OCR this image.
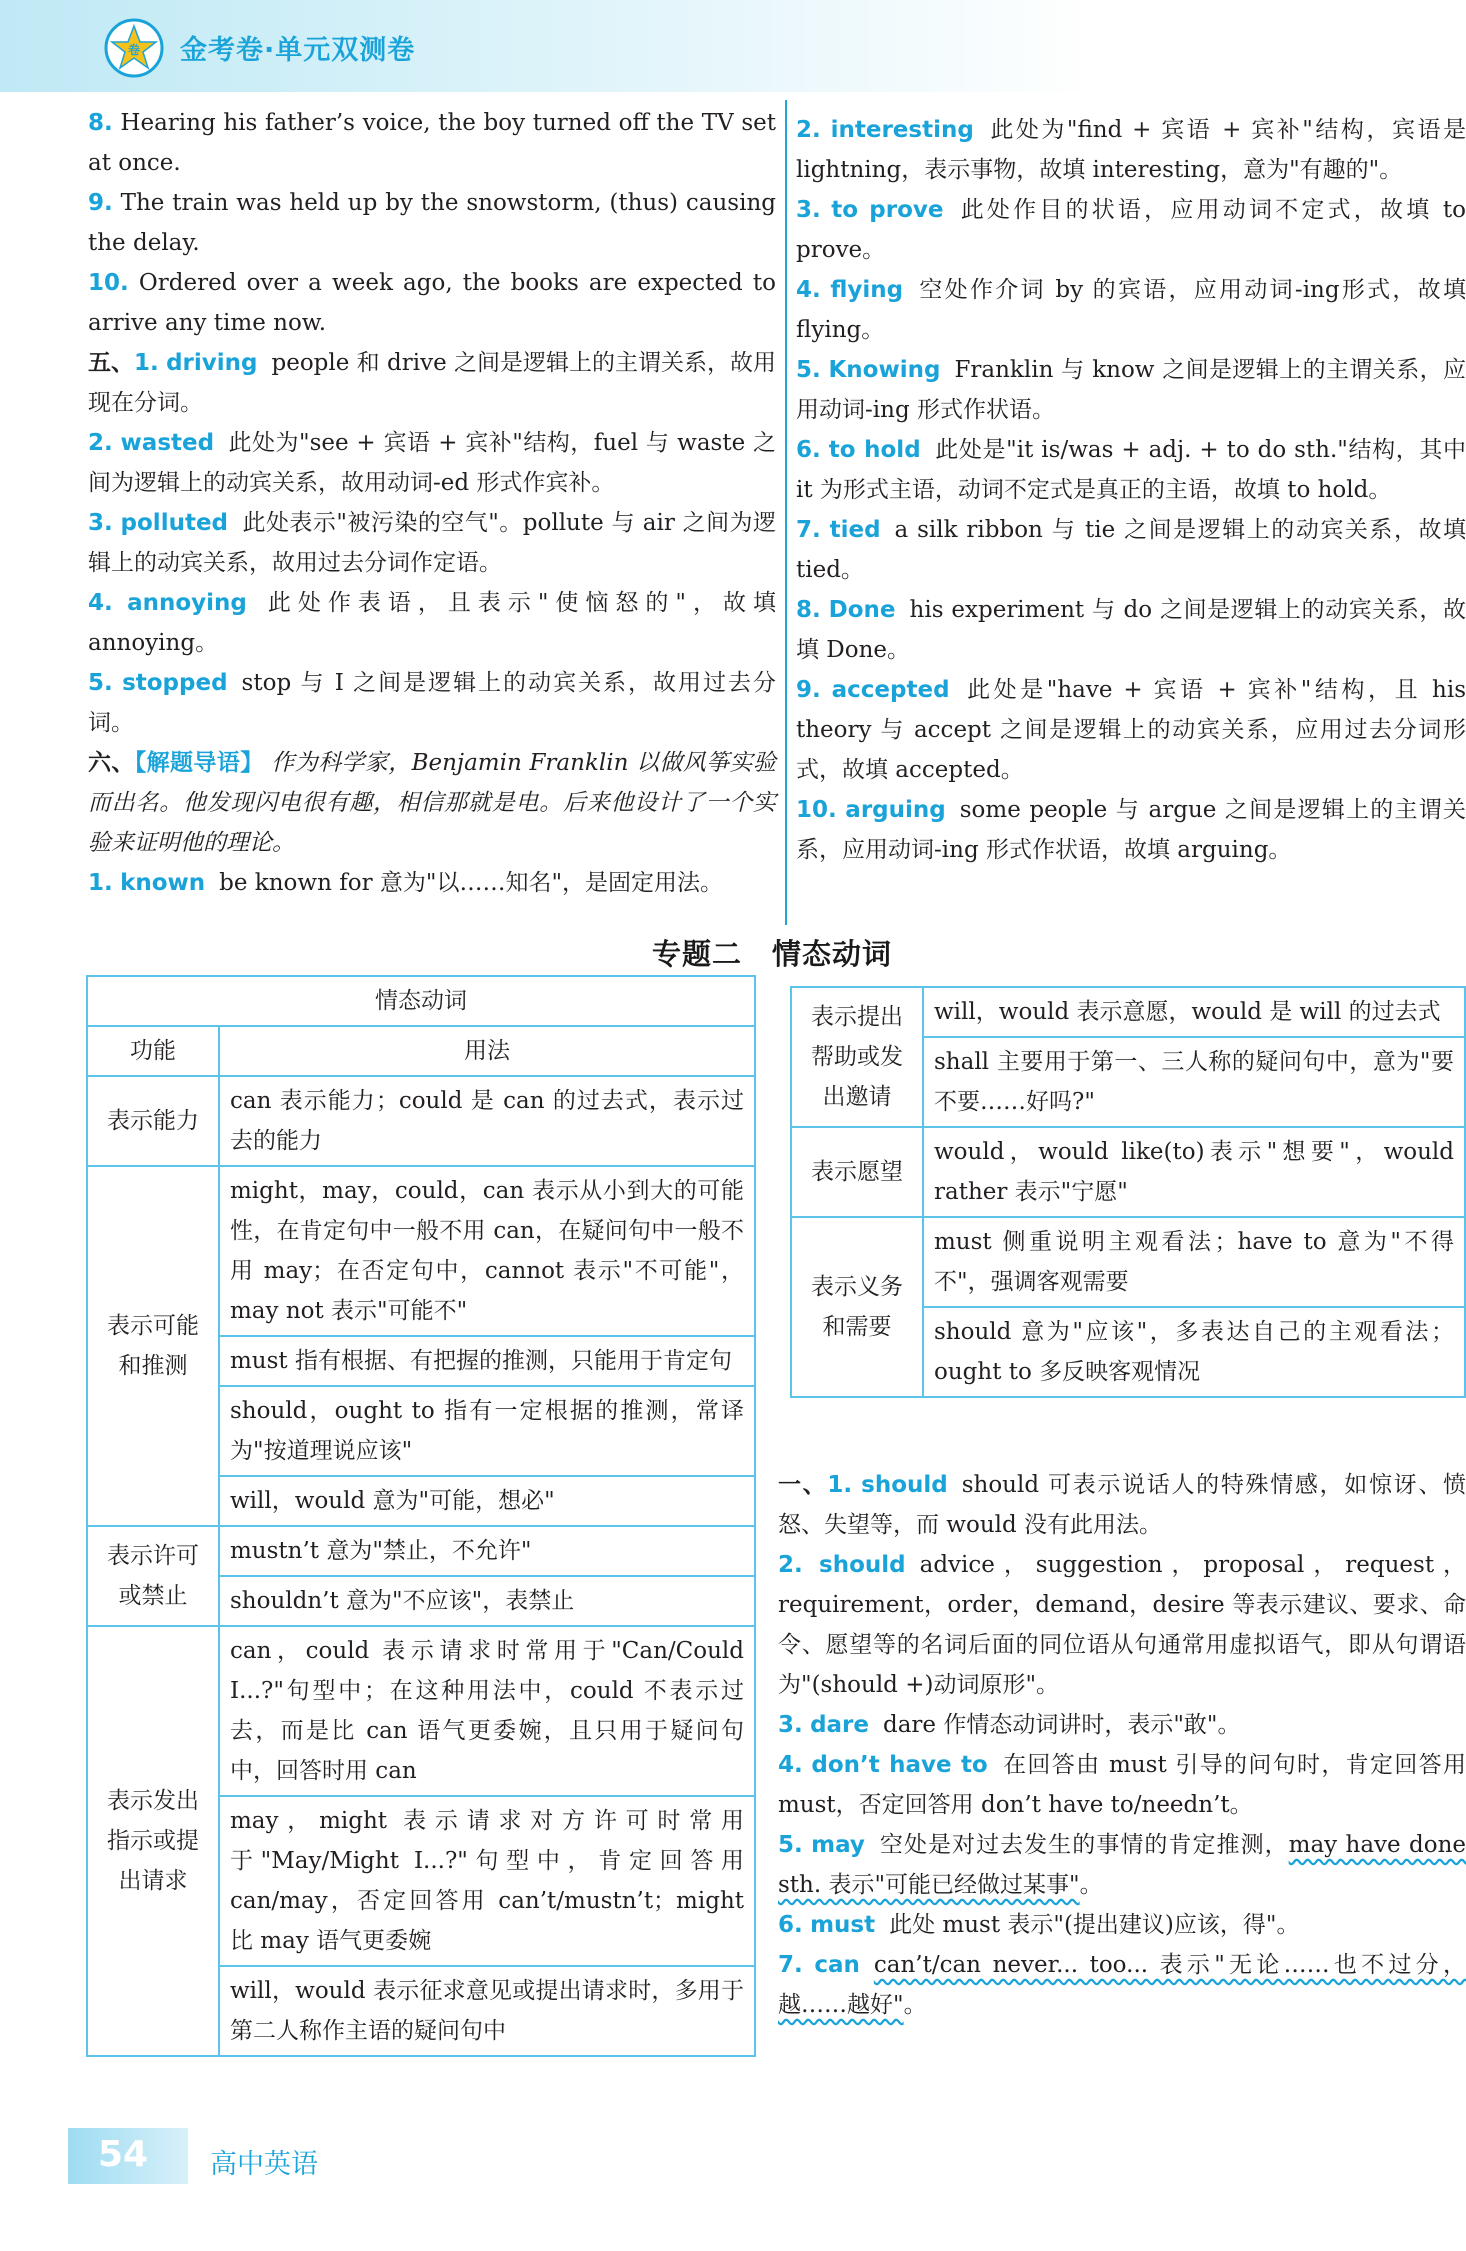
卷 金考卷·单元双测卷

8. Hearing his father’s voice, the boy turned off the TV set at once.

9. The train was held up by the snowstorm, (thus) causing the delay.

10. Ordered over a week ago, the books are expected to arrive any time now.

五、1. driving people 和 drive 之间是逻辑上的主谓关系，故用现在分词。

2. wasted 此处为"see + 宾语 + 宾补"结构，fuel 与 waste 之间为逻辑上的动宾关系，故用动词-ed 形式作宾补。

3. polluted 此处表示"被污染的空气"。pollute 与 air 之间为逻辑上的动宾关系，故用过去分词作定语。

4. annoying 此处作表语，且表示"使恼怒的"，故填 annoying。

5. stopped stop 与 I 之间是逻辑上的动宾关系，故用过去分词。

六、【解题导语】 作为科学家，Benjamin Franklin 以做风筝实验而出名。他发现闪电很有趣，相信那就是电。后来他设计了一个实验来证明他的理论。

1. known be known for 意为"以……知名"，是固定用法。

2. interesting 此处为"find + 宾语 + 宾补"结构，宾语是 lightning，表示事物，故填 interesting，意为"有趣的"。

3. to prove 此处作目的状语，应用动词不定式，故填 to prove。

4. flying 空处作介词 by 的宾语，应用动词-ing形式，故填 flying。

5. Knowing Franklin 与 know 之间是逻辑上的主谓关系，应用动词-ing 形式作状语。

6. to hold 此处是"it is/was + adj. + to do sth."结构，其中 it 为形式主语，动词不定式是真正的主语，故填 to hold。

7. tied a silk ribbon 与 tie 之间是逻辑上的动宾关系，故填 tied。

8. Done his experiment 与 do 之间是逻辑上的动宾关系，故填 Done。

9. accepted 此处是"have + 宾语 + 宾补"结构，且 his theory 与 accept 之间是逻辑上的动宾关系，应用过去分词形式，故填 accepted。

10. arguing some people 与 argue 之间是逻辑上的主谓关系，应用动词-ing 形式作状语，故填 arguing。

专题二　情态动词
情态动词	
功能	用法
表示能力	can 表示能力；could 是 can 的过去式，表示过去的能力
表示可能和推测	might，may，could，can 表示从小到大的可能性，在肯定句中一般不用 can，在疑问句中一般不用 may；在否定句中，cannot 表示"不可能"，may not 表示"可能不"
	must 指有根据、有把握的推测，只能用于肯定句
	should，ought to 指有一定根据的推测，常译为"按道理说应该"
	will，would 意为"可能，想必"
表示许可或禁止	mustn’t 意为"禁止，不允许"
	shouldn’t 意为"不应该"，表禁止
表示发出指示或提出请求	can，could 表示请求时常用于"Can/Could I...?"句型中；在这种用法中，could 不表示过去，而是比 can 语气更委婉，且只用于疑问句中，回答时用 can
	may，might 表示请求对方许可时常用于"May/Might I...?"句型中，肯定回答用 can/may，否定回答用 can’t/mustn’t；might 比 may 语气更委婉
	will，would 表示征求意见或提出请求时，多用于第二人称作主语的疑问句中
表示提出帮助或发出邀请	will，would 表示意愿，would 是 will 的过去式
	shall 主要用于第一、三人称的疑问句中，意为"要不要……好吗?"
表示愿望	would，would like(to)表示"想要"，would rather 表示"宁愿"
表示义务和需要	must 侧重说明主观看法；have to 意为"不得不"，强调客观需要
	should 意为"应该"，多表达自己的主观看法；ought to 多反映客观情况

一、1. should should 可表示说话人的特殊情感，如惊讶、愤怒、失望等，而 would 没有此用法。

2. should advice，suggestion，proposal，request，requirement，order，demand，desire 等表示建议、要求、命令、愿望等的名词后面的同位语从句通常用虚拟语气，即从句谓语为"(should +)动词原形"。

3. dare dare 作情态动词讲时，表示"敢"。

4. don’t have to 在回答由 must 引导的问句时，肯定回答用 must，否定回答用 don’t have to/needn’t。

5. may 空处是对过去发生的事情的肯定推测，may have done sth. 表示"可能已经做过某事"。

6. must 此处 must 表示"(提出建议)应该，得"。

7. can can’t/can never... too... 表示"无论……也不过分，越……越好"。

54 高中英语
